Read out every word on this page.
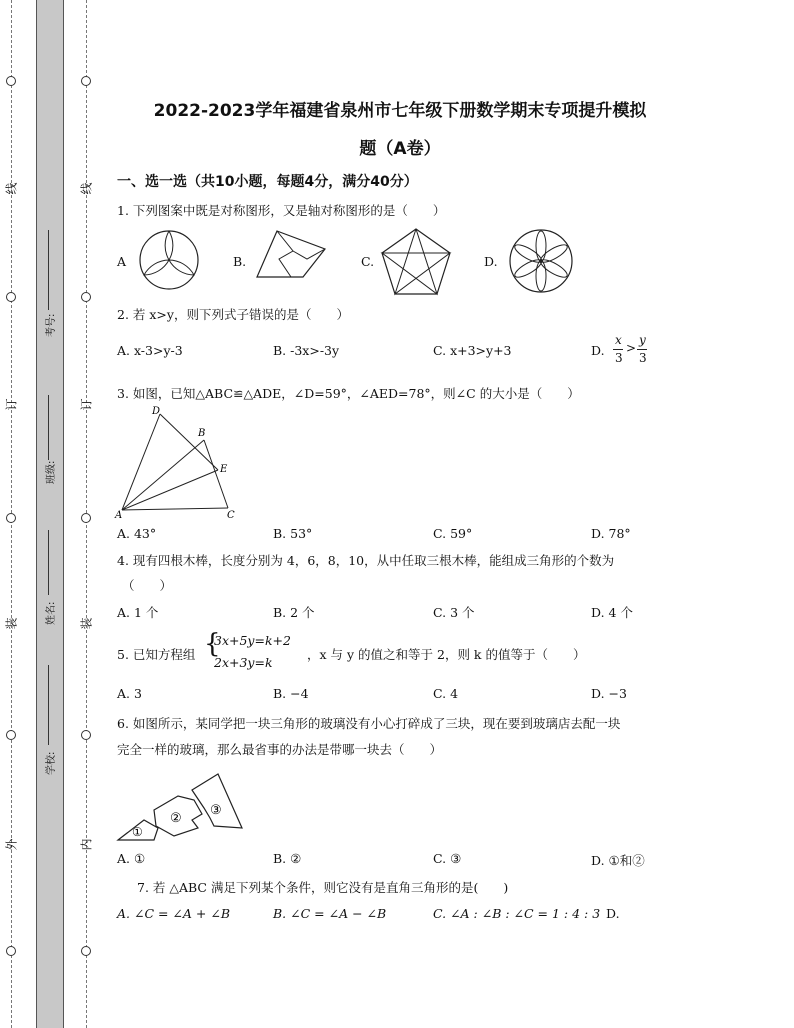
线
订
装
外
线
订
装
内
考号:
班级:
姓名:
学校:
2022-2023学年福建省泉州市七年级下册数学期末专项提升模拟
题（A卷）
一、选一选（共10小题，每题4分，满分40分）
1. 下列图案中既是对称图形，又是轴对称图形的是（　　）
A	B.	C.	D.
2. 若 x>y，则下列式子错误的是（　　）
A. x-3>y-3	B. -3x>-3y	C. x+3>y+3	D.
x
3
>
y
3
3. 如图，已知△ABC≌△ADE，∠D=59°，∠AED=78°，则∠C 的大小是（　　）
D
B
E
A	C
A. 43°	B. 53°	C. 59°	D. 78°
4. 现有四根木棒，长度分别为 4，6，8，10，从中任取三根木棒，能组成三角形的个数为
（　　）
A. 1 个	B. 2 个	C. 3 个	D. 4 个
5. 已知方程组 {
3x+5y=k+2
2x+3y=k
，x 与 y 的值之和等于 2，则 k 的值等于（　　）
A. 3	B. −4	C. 4	D. −3
6. 如图所示，某同学把一块三角形的玻璃没有小心打碎成了三块，现在要到玻璃店去配一块
完全一样的玻璃，那么最省事的办法是带哪一块去（　　）
①
②
③
A. ①	B. ②	C. ③	D. ①和②
7. 若 △ABC 满足下列某个条件，则它没有是直角三角形的是(　　)
A. ∠C = ∠A + ∠B	B. ∠C = ∠A − ∠B	C. ∠A : ∠B : ∠C = 1 : 4 : 3 D.
